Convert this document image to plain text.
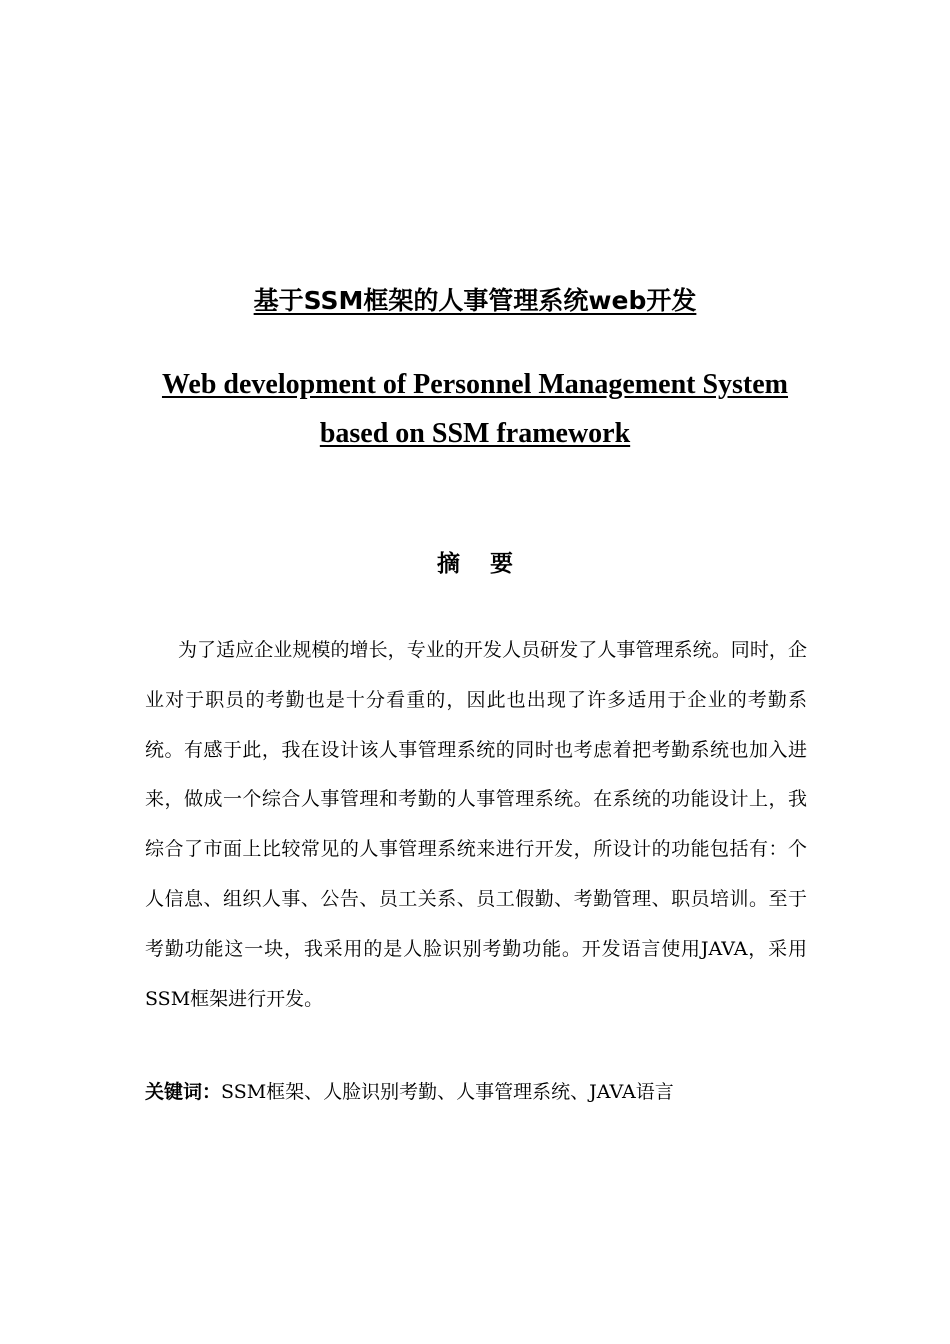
基于SSM框架的人事管理系统web开发
Web development of Personnel Management System
based on SSM framework
摘要

为了适应企业规模的增长，专业的开发人员研发了人事管理系统。同时，企业对于职员的考勤也是十分看重的，因此也出现了许多适用于企业的考勤系统。有感于此，我在设计该人事管理系统的同时也考虑着把考勤系统也加入进来，做成一个综合人事管理和考勤的人事管理系统。在系统的功能设计上，我综合了市面上比较常见的人事管理系统来进行开发，所设计的功能包括有：个人信息、组织人事、公告、员工关系、员工假勤、考勤管理、职员培训。至于考勤功能这一块，我采用的是人脸识别考勤功能。开发语言使用JAVA，采用SSM框架进行开发。

关键词：SSM框架、人脸识别考勤、人事管理系统、JAVA语言
